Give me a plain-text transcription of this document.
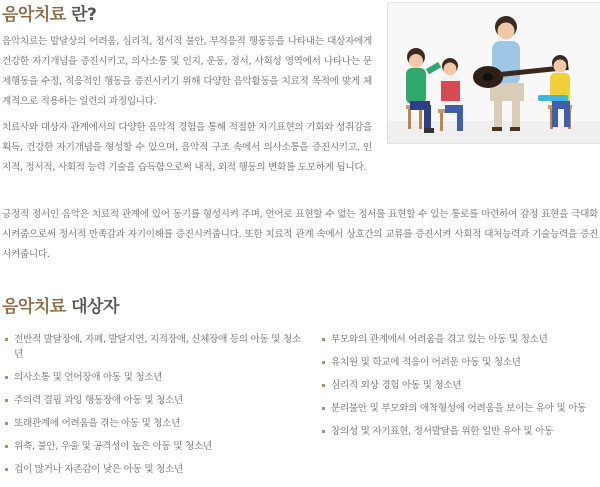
음악치료 란?
음악치료는 발달상의 어려움, 심리적, 정서적 불안, 부적응적 행동등을 나타내는 대상자에게 건강한 자기개념을 증진시키고, 의사소통 및 인지, 운동, 정서, 사회성 영역에서 나타나는 문제행동을 수정, 적응적인 행동을 증진시키기 위해 다양한 음악활동을 치료적 목적에 맞게 체계적으로 적용하는 일련의 과정입니다.
치료사와 대상자 관계에서의 다양한 음악적 경험을 통해 적절한 자기표현의 기회와 성취감을 획득, 건강한 자기개념을 형성할 수 있으며, 음악적 구조 속에서 의사소통을 증진시키고, 인지적, 정서적, 사회적 능력 기술을 습득함으로써 내적, 외적 행동의 변화를 도모하게 됩니다.
긍정적 정서인 음악은 치료적 관계에 있어 동기를 형성시켜 주며, 언어로 표현할 수 없는 정서를 표현할 수 있는 통로를 마련하여 감정 표현을 극대화 시켜줌으로써 정서적 만족감과 자기이해를 증진시켜줍니다. 또한 치료적 관계 속에서 상호간의 교류를 증진시켜 사회적 대처능력과 기술능력을 증진시켜줍니다.
음악치료 대상자
전반적 발달장애, 자폐, 발달지연, 지적장애, 신체장애 등의 아동 및 청소년
의사소통 및 언어장애 아동 및 청소년
주의력 결핍 과잉 행동장애 아동 및 청소년
또래관계에 어려움을 겪는 아동 및 청소년
위축, 불안, 우울 및 공격성이 높은 아동 및 청소년
겁이 많거나 자존감이 낮은 아동 및 청소년
부모와의 관계에서 어려움을 겪고 있는 아동 및 청소년
유치원 및 학교에 적응이 어려운 아동 및 청소년
심리적 외상 경험 아동 및 청소년
분리불안 및 부모와의 애착형성에 어려움을 보이는 유아 및 아동
창의성 및 자기표현, 정서발달을 위한 일반 유아 및 아동
